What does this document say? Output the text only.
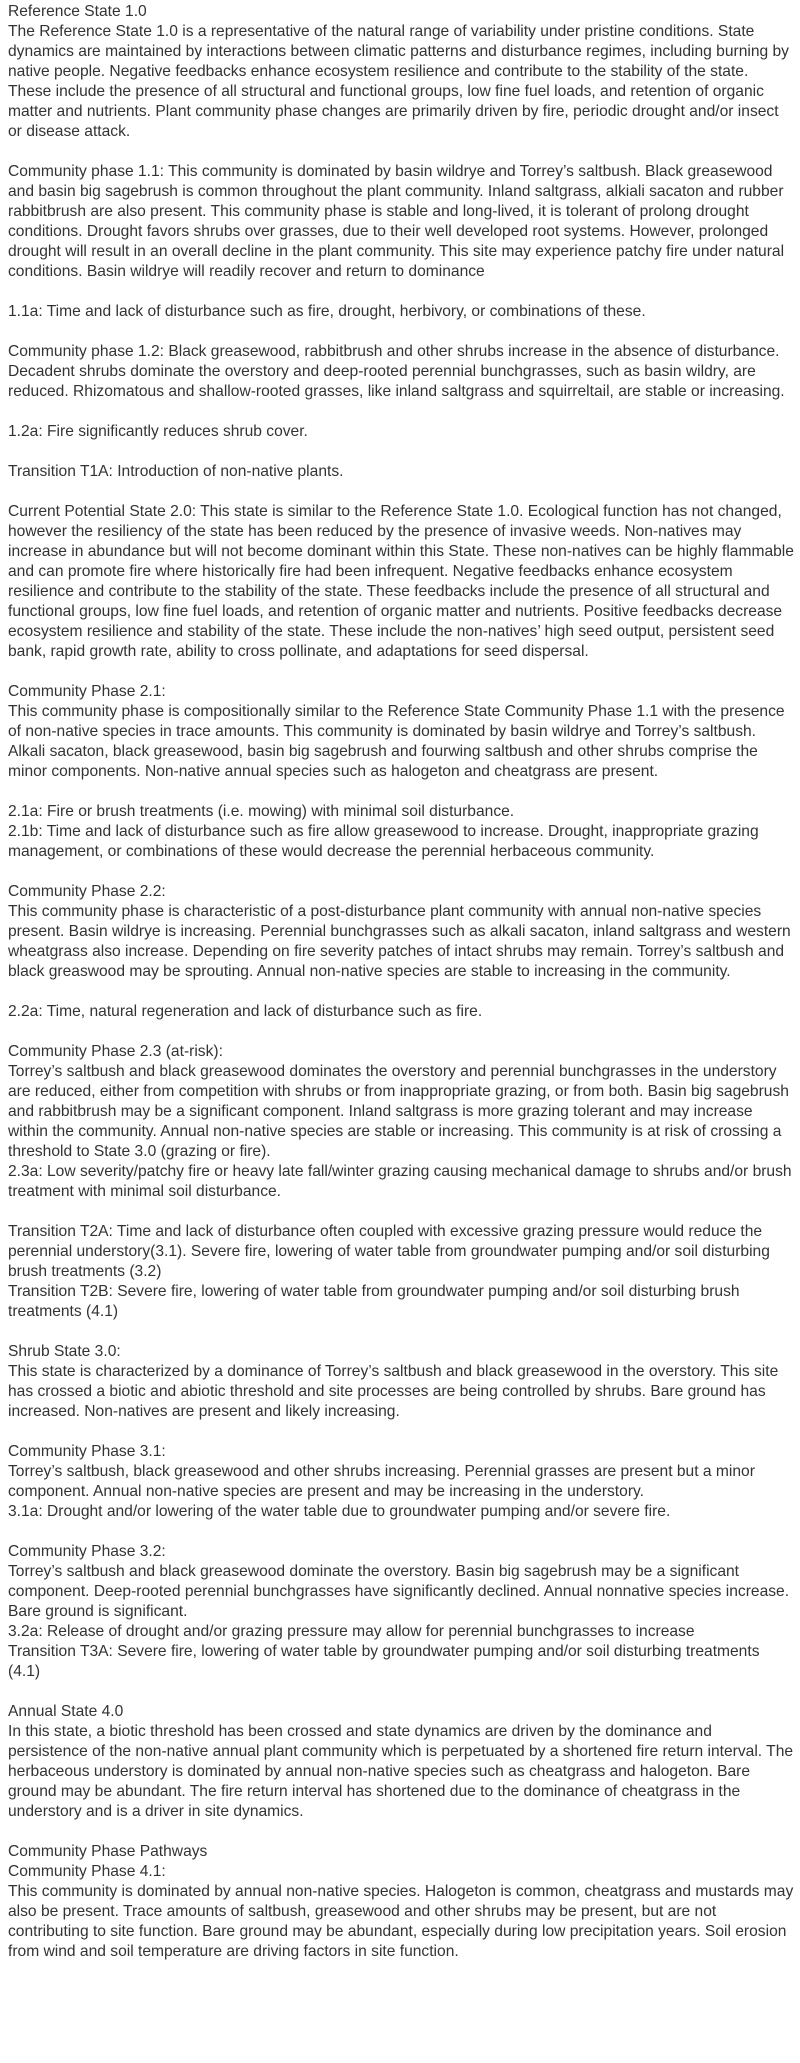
Reference State 1.0

The Reference State 1.0 is a representative of the natural range of variability under pristine conditions. State dynamics are maintained by interactions between climatic patterns and disturbance regimes, including burning by native people. Negative feedbacks enhance ecosystem resilience and contribute to the stability of the state. These include the presence of all structural and functional groups, low fine fuel loads, and retention of organic matter and nutrients. Plant community phase changes are primarily driven by fire, periodic drought and/or insect or disease attack.

Community phase 1.1: This community is dominated by basin wildrye and Torrey’s saltbush. Black greasewood and basin big sagebrush is common throughout the plant community. Inland saltgrass, alkiali sacaton and rubber rabbitbrush are also present. This community phase is stable and long-lived, it is tolerant of prolong drought conditions. Drought favors shrubs over grasses, due to their well developed root systems. However, prolonged drought will result in an overall decline in the plant community. This site may experience patchy fire under natural conditions. Basin wildrye will readily recover and return to dominance

1.1a: Time and lack of disturbance such as fire, drought, herbivory, or combinations of these.

Community phase 1.2: Black greasewood, rabbitbrush and other shrubs increase in the absence of disturbance. Decadent shrubs dominate the overstory and deep-rooted perennial bunchgrasses, such as basin wildry, are reduced. Rhizomatous and shallow-rooted grasses, like inland saltgrass and squirreltail, are stable or increasing.

1.2a: Fire significantly reduces shrub cover.

Transition T1A: Introduction of non-native plants.

Current Potential State 2.0: This state is similar to the Reference State 1.0. Ecological function has not changed, however the resiliency of the state has been reduced by the presence of invasive weeds. Non-natives may increase in abundance but will not become dominant within this State. These non-natives can be highly flammable and can promote fire where historically fire had been infrequent. Negative feedbacks enhance ecosystem resilience and contribute to the stability of the state. These feedbacks include the presence of all structural and functional groups, low fine fuel loads, and retention of organic matter and nutrients. Positive feedbacks decrease ecosystem resilience and stability of the state. These include the non-natives’ high seed output, persistent seed bank, rapid growth rate, ability to cross pollinate, and adaptations for seed dispersal.

Community Phase 2.1:

This community phase is compositionally similar to the Reference State Community Phase 1.1 with the presence of non-native species in trace amounts. This community is dominated by basin wildrye and Torrey’s saltbush. Alkali sacaton, black greasewood, basin big sagebrush and fourwing saltbush and other shrubs comprise the minor components. Non-native annual species such as halogeton and cheatgrass are present.

2.1a: Fire or brush treatments (i.e. mowing) with minimal soil disturbance.

2.1b: Time and lack of disturbance such as fire allow greasewood to increase. Drought, inappropriate grazing management, or combinations of these would decrease the perennial herbaceous community.

Community Phase 2.2:

This community phase is characteristic of a post-disturbance plant community with annual non-native species present. Basin wildrye is increasing. Perennial bunchgrasses such as alkali sacaton, inland saltgrass and western wheatgrass also increase. Depending on fire severity patches of intact shrubs may remain. Torrey’s saltbush and black greaswood may be sprouting. Annual non-native species are stable to increasing in the community.

2.2a: Time, natural regeneration and lack of disturbance such as fire.

Community Phase 2.3 (at-risk):

Torrey’s saltbush and black greasewood dominates the overstory and perennial bunchgrasses in the understory are reduced, either from competition with shrubs or from inappropriate grazing, or from both. Basin big sagebrush and rabbitbrush may be a significant component. Inland saltgrass is more grazing tolerant and may increase within the community. Annual non-native species are stable or increasing. This community is at risk of crossing a threshold to State 3.0 (grazing or fire).

2.3a: Low severity/patchy fire or heavy late fall/winter grazing causing mechanical damage to shrubs and/or brush treatment with minimal soil disturbance.

Transition T2A: Time and lack of disturbance often coupled with excessive grazing pressure would reduce the perennial understory(3.1). Severe fire, lowering of water table from groundwater pumping and/or soil disturbing brush treatments (3.2)

Transition T2B: Severe fire, lowering of water table from groundwater pumping and/or soil disturbing brush treatments (4.1)

Shrub State 3.0:

This state is characterized by a dominance of Torrey’s saltbush and black greasewood in the overstory. This site has crossed a biotic and abiotic threshold and site processes are being controlled by shrubs. Bare ground has increased. Non-natives are present and likely increasing.

Community Phase 3.1:

Torrey’s saltbush, black greasewood and other shrubs increasing. Perennial grasses are present but a minor component. Annual non-native species are present and may be increasing in the understory.

3.1a: Drought and/or lowering of the water table due to groundwater pumping and/or severe fire.

Community Phase 3.2:

Torrey’s saltbush and black greasewood dominate the overstory. Basin big sagebrush may be a significant component. Deep-rooted perennial bunchgrasses have significantly declined. Annual nonnative species increase. Bare ground is significant.

3.2a: Release of drought and/or grazing pressure may allow for perennial bunchgrasses to increase

Transition T3A: Severe fire, lowering of water table by groundwater pumping and/or soil disturbing treatments (4.1)

Annual State 4.0

In this state, a biotic threshold has been crossed and state dynamics are driven by the dominance and persistence of the non-native annual plant community which is perpetuated by a shortened fire return interval. The herbaceous understory is dominated by annual non-native species such as cheatgrass and halogeton. Bare ground may be abundant. The fire return interval has shortened due to the dominance of cheatgrass in the understory and is a driver in site dynamics.

Community Phase Pathways

Community Phase 4.1:

This community is dominated by annual non-native species. Halogeton is common, cheatgrass and mustards may also be present. Trace amounts of saltbush, greasewood and other shrubs may be present, but are not contributing to site function. Bare ground may be abundant, especially during low precipitation years. Soil erosion from wind and soil temperature are driving factors in site function.
